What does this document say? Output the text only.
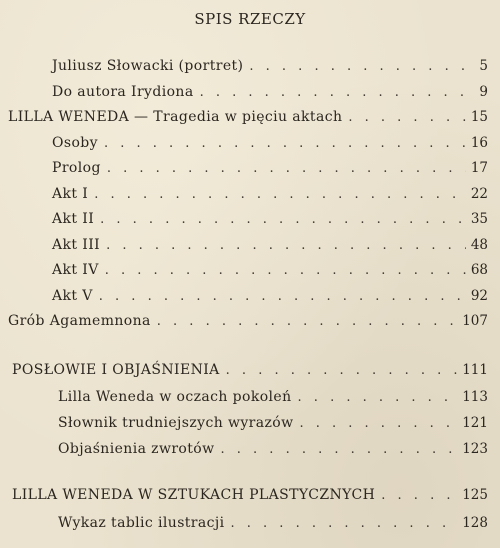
SPIS RZECZY
Juliusz Słowacki (portret) . . .	5
Do autora Irydiona . . .	9
LILLA WENEDA — Tragedia w pięciu aktach . . .	15
Osoby . . .	16
Prolog . . .	17
Akt I . . .	22
Akt II . . .	35
Akt III . . .	48
Akt IV . . .	68
Akt V . . .	92
Grób Agamemnona . . .	107
POSŁOWIE I OBJAŚNIENIA . . .	111
Lilla Weneda w oczach pokoleń . . .	113
Słownik trudniejszych wyrazów . . .	121
Objaśnienia zwrotów . . .	123
LILLA WENEDA W SZTUKACH PLASTYCZNYCH . . .	125
Wykaz tablic ilustracji . . .	128
